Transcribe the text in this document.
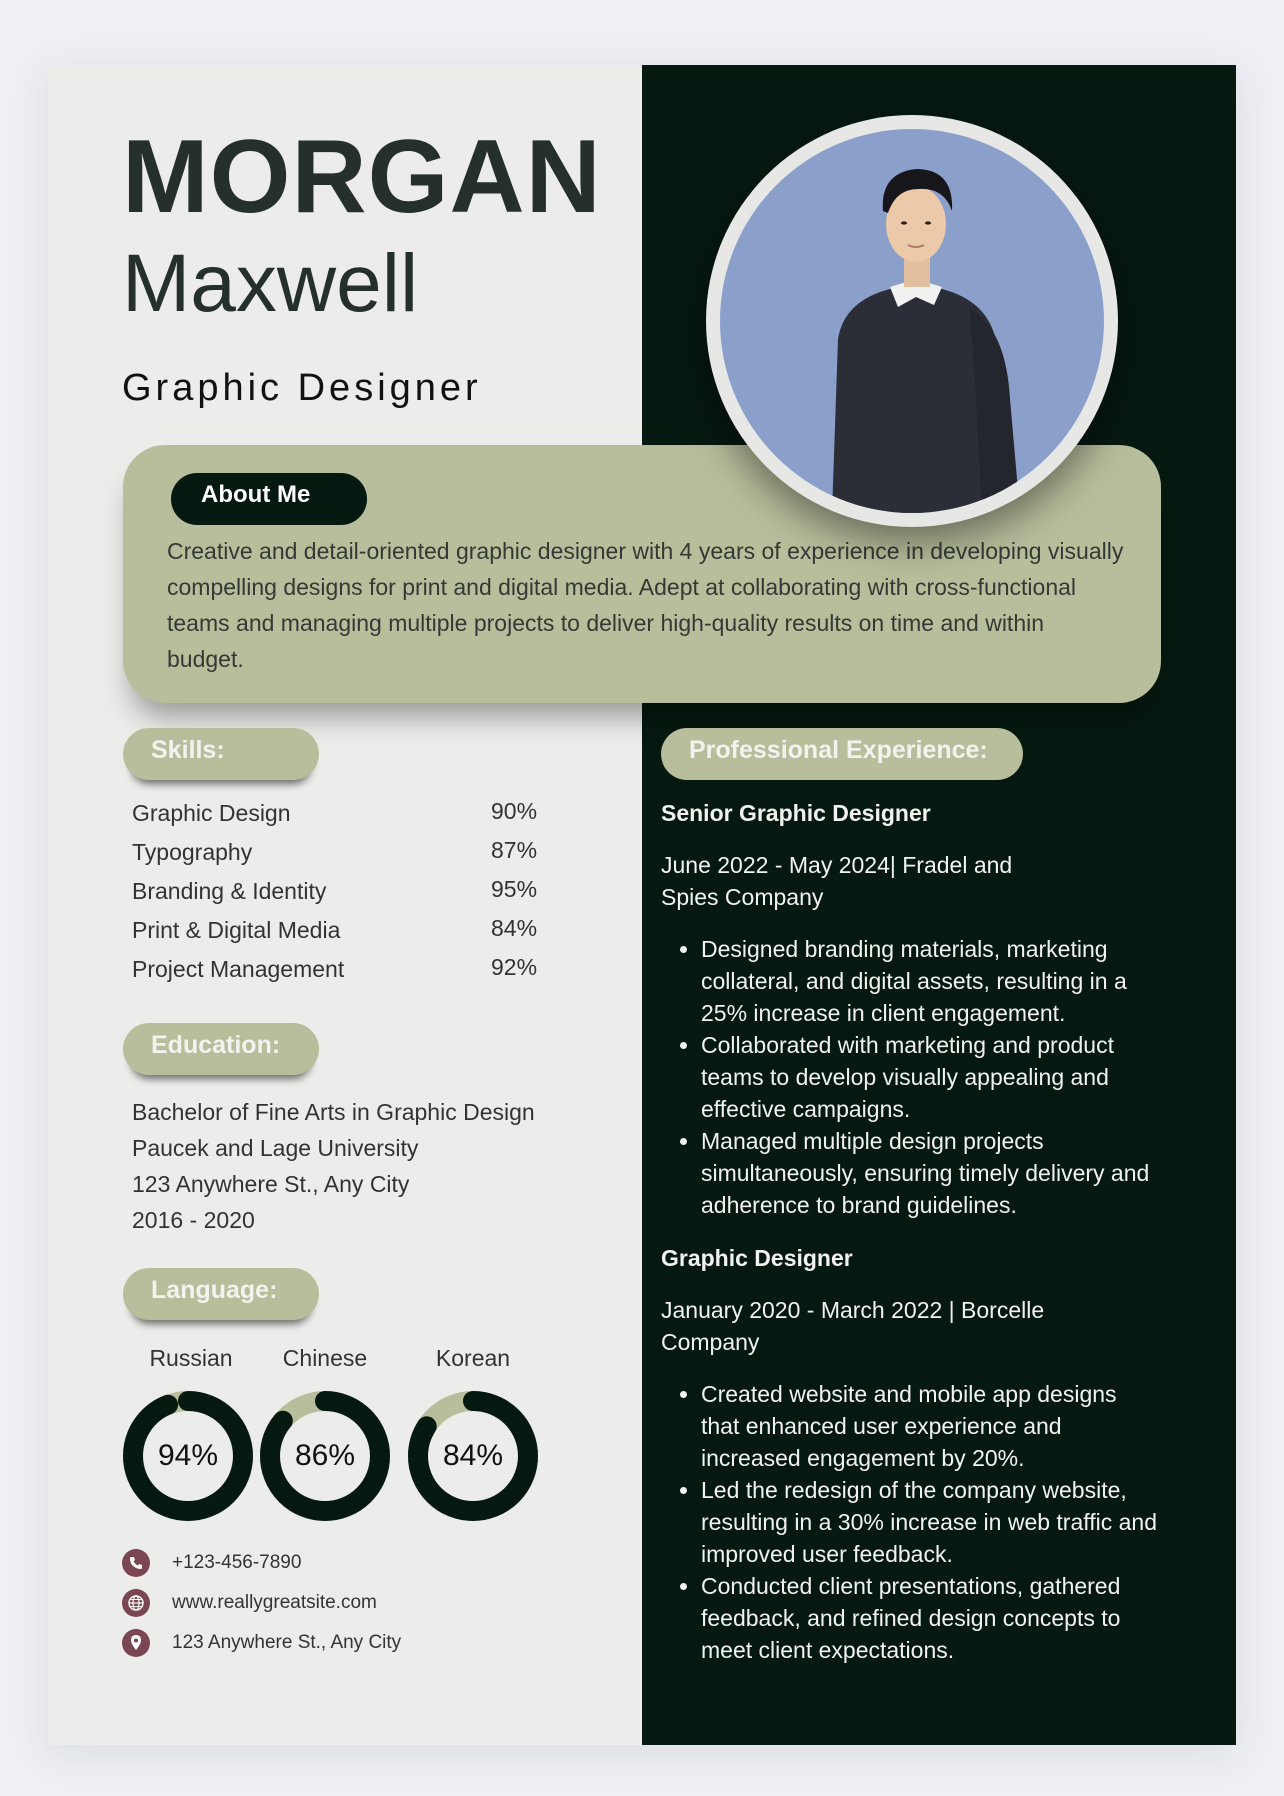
MORGAN
Maxwell
Graphic Designer
About Me
Creative and detail-oriented graphic designer with 4 years of experience in developing visually compelling designs for print and digital media. Adept at collaborating with cross-functional teams and managing multiple projects to deliver high-quality results on time and within budget.
Skills:
Graphic Design	90%
Typography	87%
Branding & Identity	95%
Print & Digital Media	84%
Project Management	92%
Education:
Bachelor of Fine Arts in Graphic Design
Paucek and Lage University
123 Anywhere St., Any City
2016 - 2020
Language:
Russian	Chinese	Korean
94%	86%	84%
+123-456-7890
www.reallygreatsite.com
123 Anywhere St., Any City
Professional Experience:
Senior Graphic Designer
June 2022 - May 2024| Fradel and
Spies Company
• Designed branding materials, marketing collateral, and digital assets, resulting in a 25% increase in client engagement.
• Collaborated with marketing and product teams to develop visually appealing and effective campaigns.
• Managed multiple design projects simultaneously, ensuring timely delivery and adherence to brand guidelines.
Graphic Designer
January 2020 - March 2022 | Borcelle
Company
• Created website and mobile app designs that enhanced user experience and increased engagement by 20%.
• Led the redesign of the company website, resulting in a 30% increase in web traffic and improved user feedback.
• Conducted client presentations, gathered feedback, and refined design concepts to meet client expectations.
